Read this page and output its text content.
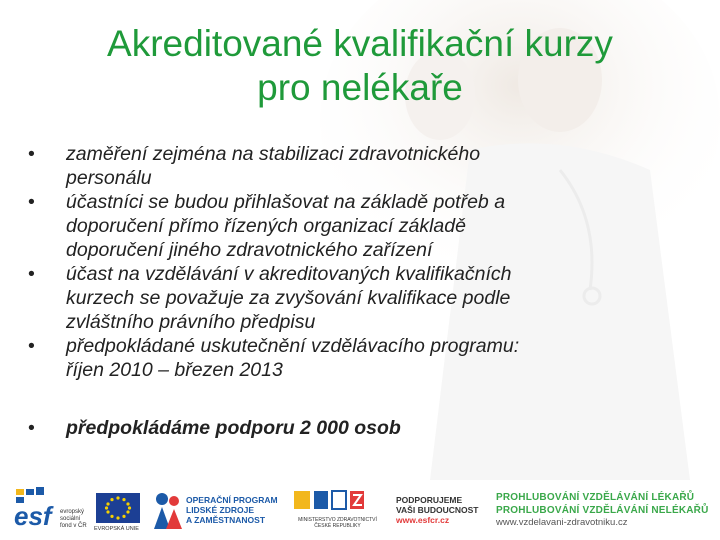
Akreditované kvalifikační kurzy
pro nelékaře
•	zaměření zejména na stabilizaci zdravotnického
personálu
•	účastníci se budou přihlašovat na základě potřeb a
doporučení přímo řízených organizací základě
doporučení jiného zdravotnického zařízení
•	účast na vzdělávání v akreditovaných kvalifikačních
kurzech se považuje za zvyšování kvalifikace podle
zvláštního právního předpisu
•	předpokládané uskutečnění vzdělávacího programu:
říjen 2010 – březen 2013
•	předpokládáme podporu 2 000 osob
esf	evropský
sociální
fond v ČR	EVROPSKÁ UNIE
OPERAČNÍ PROGRAM
LIDSKÉ ZDROJE
A ZAMĚSTNANOST	MINISTERSTVO ZDRAVOTNICTVÍ
ČESKÉ REPUBLIKY
PODPORUJEME
VAŠI BUDOUCNOST
www.esfcr.cz
PROHLUBOVÁNÍ VZDĚLÁVÁNÍ LÉKAŘŮ
PROHLUBOVÁNÍ VZDĚLÁVÁNÍ NELÉKAŘŮ
www.vzdelavani-zdravotniku.cz
